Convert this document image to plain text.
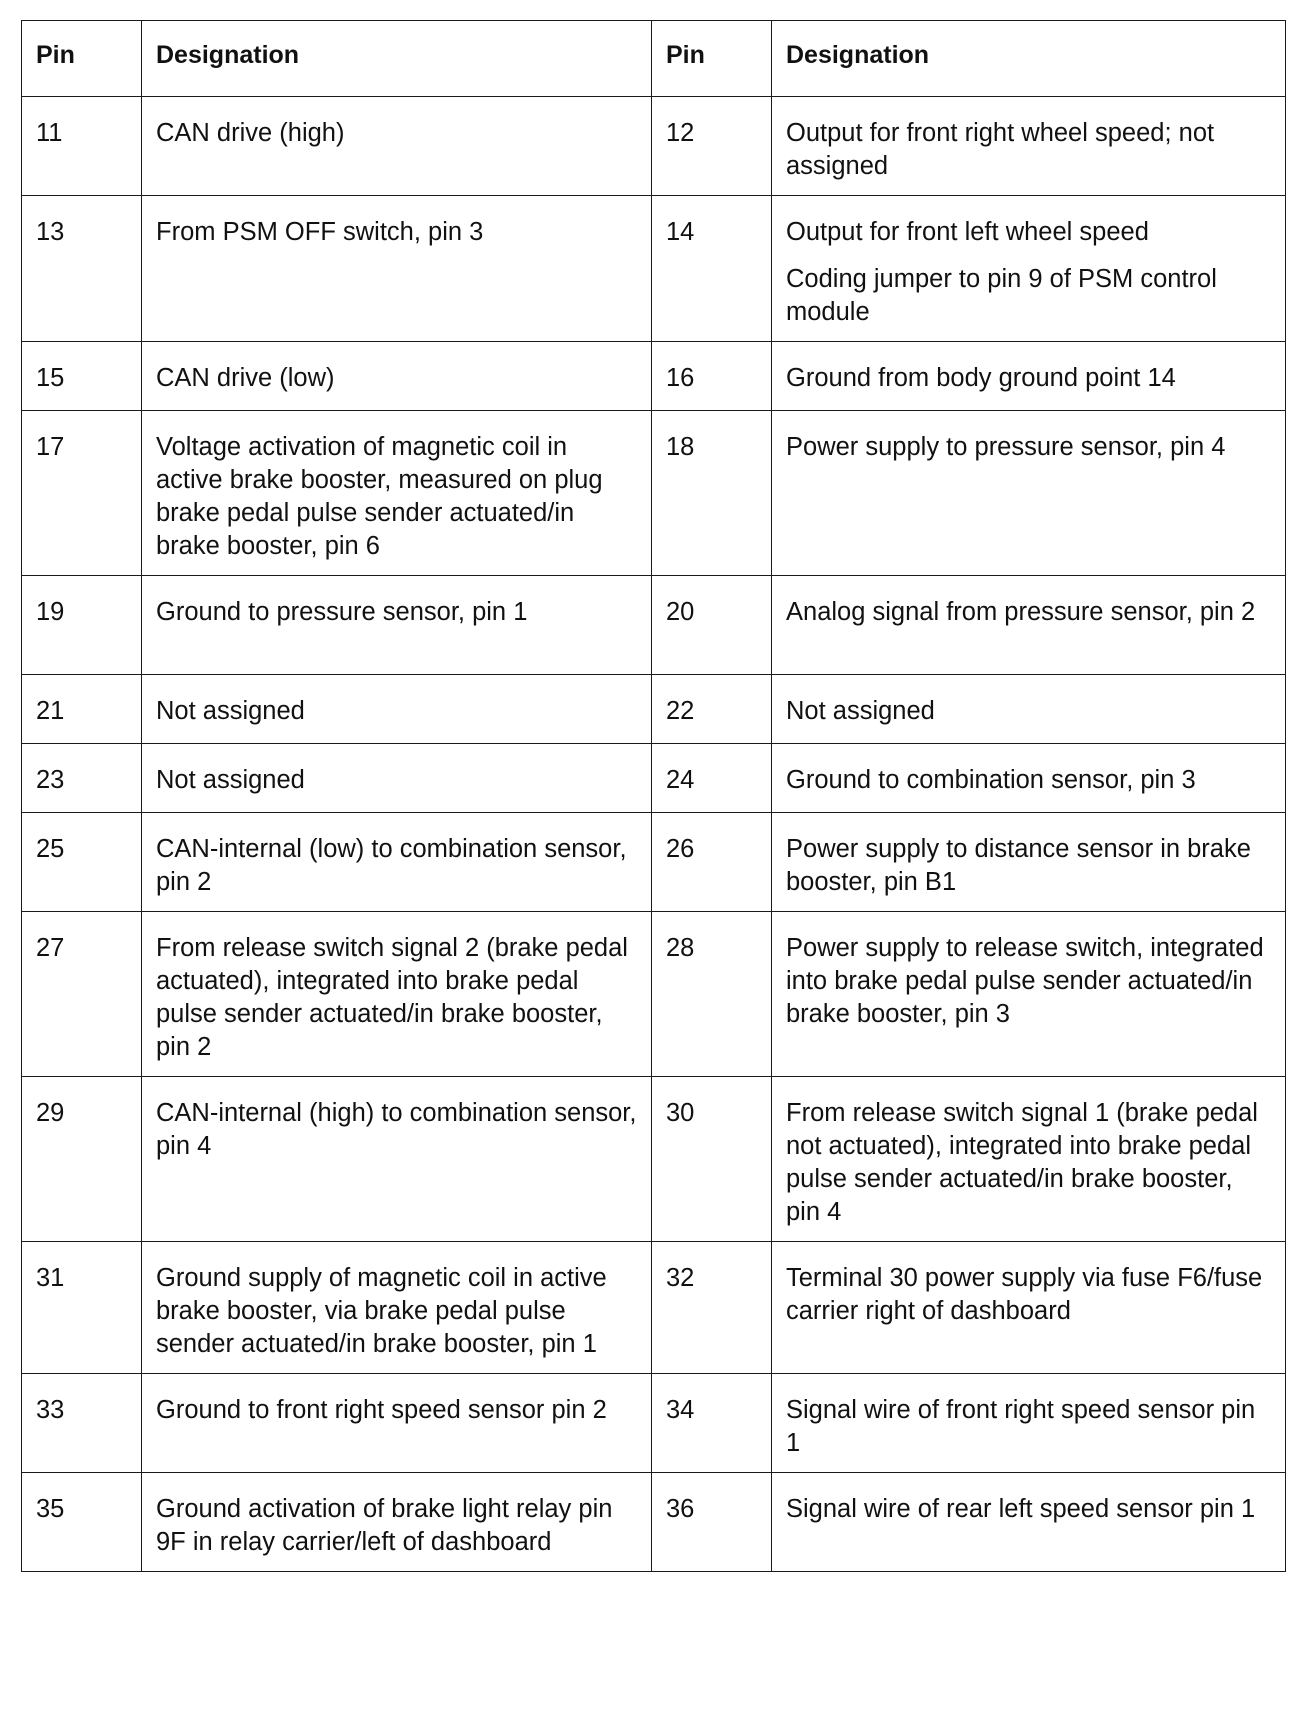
Pin	Designation	Pin	Designation
11	CAN drive (high)	12	Output for front right wheel speed; not assigned

13	From PSM OFF switch, pin 3	14	Output for front left wheel speed
Coding jumper to pin 9 of PSM control module

15	CAN drive (low)	16	Ground from body ground point 14

17	Voltage activation of magnetic coil in active brake booster, measured on plug brake pedal pulse sender actuated/in brake booster, pin 6	18	Power supply to pressure sensor, pin 4

19	Ground to pressure sensor, pin 1	20	Analog signal from pressure sensor, pin 2

21	Not assigned	22	Not assigned

23	Not assigned	24	Ground to combination sensor, pin 3

25	CAN-internal (low) to combination sensor, pin 2	26	Power supply to distance sensor in brake booster, pin B1

27	From release switch signal 2 (brake pedal actuated), integrated into brake pedal pulse sender actuated/in brake booster, pin 2	28	Power supply to release switch, integrated into brake pedal pulse sender actuated/in brake booster, pin 3

29	CAN-internal (high) to combination sensor, pin 4	30	From release switch signal 1 (brake pedal not actuated), integrated into brake pedal pulse sender actuated/in brake booster, pin 4

31	Ground supply of magnetic coil in active brake booster, via brake pedal pulse sender actuated/in brake booster, pin 1	32	Terminal 30 power supply via fuse F6/fuse carrier right of dashboard

33	Ground to front right speed sensor pin 2	34	Signal wire of front right speed sensor pin 1

35	Ground activation of brake light relay pin 9F in relay carrier/left of dashboard	36	Signal wire of rear left speed sensor pin 1
